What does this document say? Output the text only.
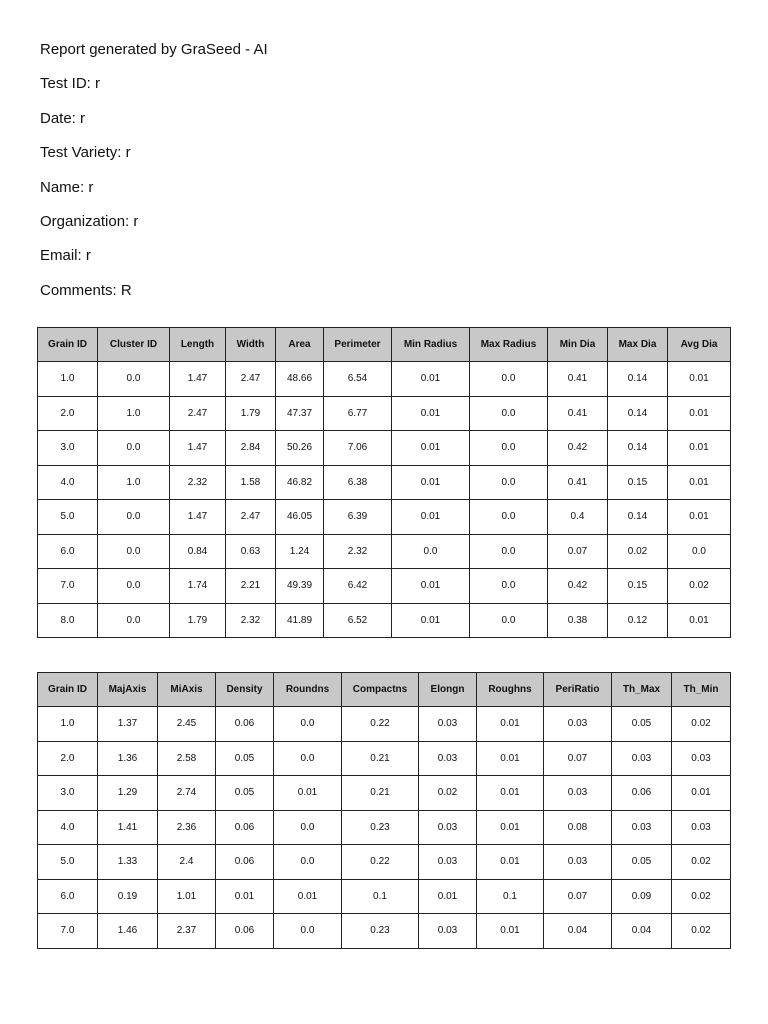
Report generated by GraSeed - AI
Test ID: r
Date: r
Test Variety: r
Name: r
Organization: r
Email: r
Comments: R
Grain ID	Cluster ID	Length	Width	Area	Perimeter	Min Radius	Max Radius	Min Dia	Max Dia	Avg Dia
1.0	0.0	1.47	2.47	48.66	6.54	0.01	0.0	0.41	0.14	0.01
2.0	1.0	2.47	1.79	47.37	6.77	0.01	0.0	0.41	0.14	0.01
3.0	0.0	1.47	2.84	50.26	7.06	0.01	0.0	0.42	0.14	0.01
4.0	1.0	2.32	1.58	46.82	6.38	0.01	0.0	0.41	0.15	0.01
5.0	0.0	1.47	2.47	46.05	6.39	0.01	0.0	0.4	0.14	0.01
6.0	0.0	0.84	0.63	1.24	2.32	0.0	0.0	0.07	0.02	0.0
7.0	0.0	1.74	2.21	49.39	6.42	0.01	0.0	0.42	0.15	0.02
8.0	0.0	1.79	2.32	41.89	6.52	0.01	0.0	0.38	0.12	0.01
Grain ID	MajAxis	MiAxis	Density	Roundns	Compactns	Elongn	Roughns	PeriRatio	Th_Max	Th_Min
1.0	1.37	2.45	0.06	0.0	0.22	0.03	0.01	0.03	0.05	0.02
2.0	1.36	2.58	0.05	0.0	0.21	0.03	0.01	0.07	0.03	0.03
3.0	1.29	2.74	0.05	0.01	0.21	0.02	0.01	0.03	0.06	0.01
4.0	1.41	2.36	0.06	0.0	0.23	0.03	0.01	0.08	0.03	0.03
5.0	1.33	2.4	0.06	0.0	0.22	0.03	0.01	0.03	0.05	0.02
6.0	0.19	1.01	0.01	0.01	0.1	0.01	0.1	0.07	0.09	0.02
7.0	1.46	2.37	0.06	0.0	0.23	0.03	0.01	0.04	0.04	0.02
